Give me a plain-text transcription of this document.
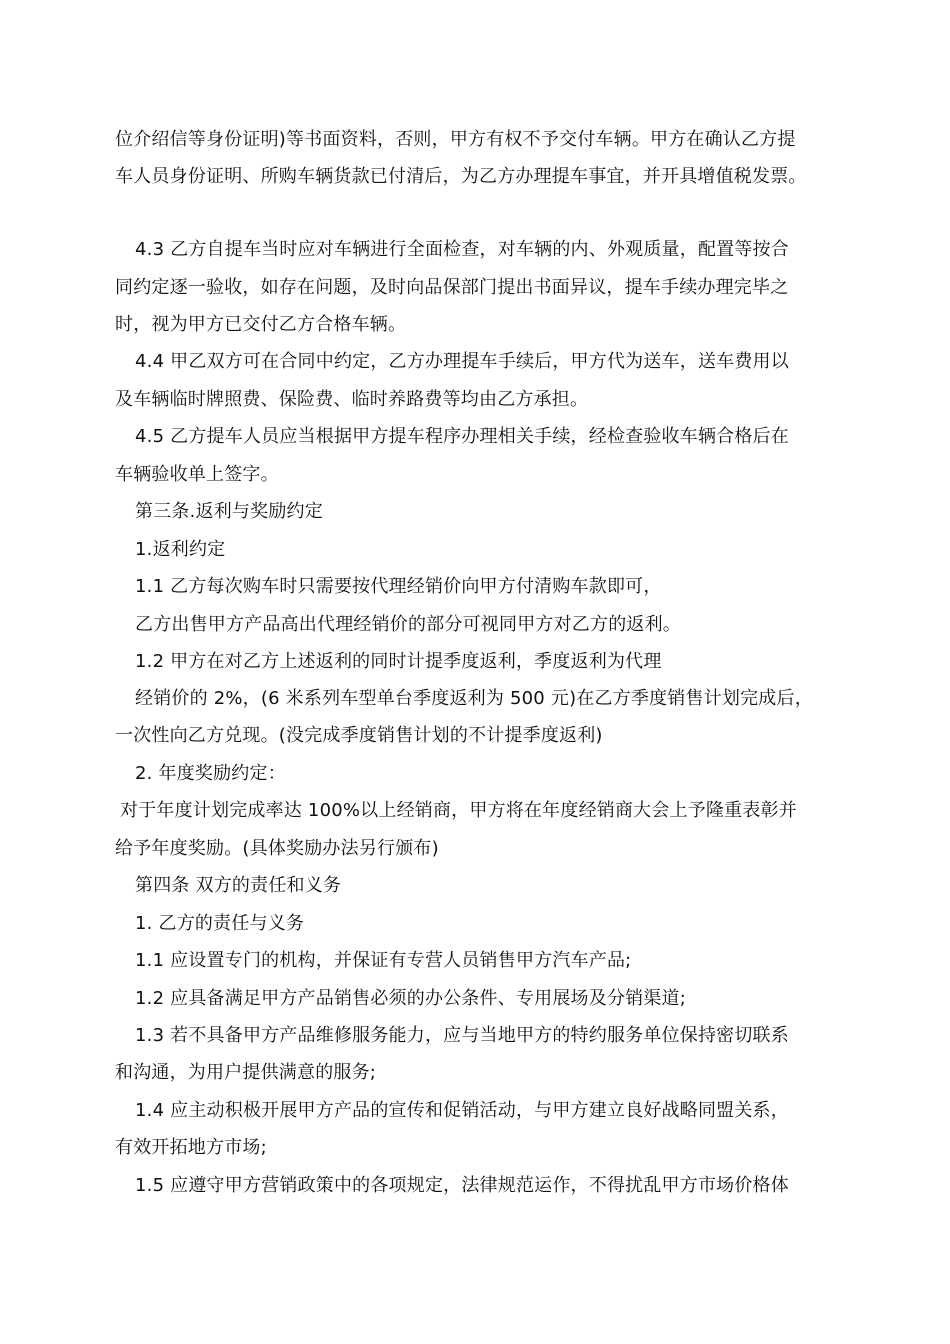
位介绍信等身份证明)等书面资料，否则，甲方有权不予交付车辆。甲方在确认乙方提
车人员身份证明、所购车辆货款已付清后，为乙方办理提车事宜，并开具增值税发票。
4.3 乙方自提车当时应对车辆进行全面检查，对车辆的内、外观质量，配置等按合
同约定逐一验收，如存在问题，及时向品保部门提出书面异议，提车手续办理完毕之
时，视为甲方已交付乙方合格车辆。
4.4 甲乙双方可在合同中约定，乙方办理提车手续后，甲方代为送车，送车费用以
及车辆临时牌照费、保险费、临时养路费等均由乙方承担。
4.5 乙方提车人员应当根据甲方提车程序办理相关手续，经检查验收车辆合格后在
车辆验收单上签字。
第三条.返利与奖励约定
1.返利约定
1.1 乙方每次购车时只需要按代理经销价向甲方付清购车款即可，
乙方出售甲方产品高出代理经销价的部分可视同甲方对乙方的返利。
1.2 甲方在对乙方上述返利的同时计提季度返利，季度返利为代理
经销价的 2%，(6 米系列车型单台季度返利为 500 元)在乙方季度销售计划完成后，
一次性向乙方兑现。(没完成季度销售计划的不计提季度返利)
2. 年度奖励约定：
对于年度计划完成率达 100%以上经销商，甲方将在年度经销商大会上予隆重表彰并
给予年度奖励。(具体奖励办法另行颁布)
第四条 双方的责任和义务
1. 乙方的责任与义务
1.1 应设置专门的机构，并保证有专营人员销售甲方汽车产品;
1.2 应具备满足甲方产品销售必须的办公条件、专用展场及分销渠道;
1.3 若不具备甲方产品维修服务能力，应与当地甲方的特约服务单位保持密切联系
和沟通，为用户提供满意的服务;
1.4 应主动积极开展甲方产品的宣传和促销活动，与甲方建立良好战略同盟关系，
有效开拓地方市场;
1.5 应遵守甲方营销政策中的各项规定，法律规范运作，不得扰乱甲方市场价格体
